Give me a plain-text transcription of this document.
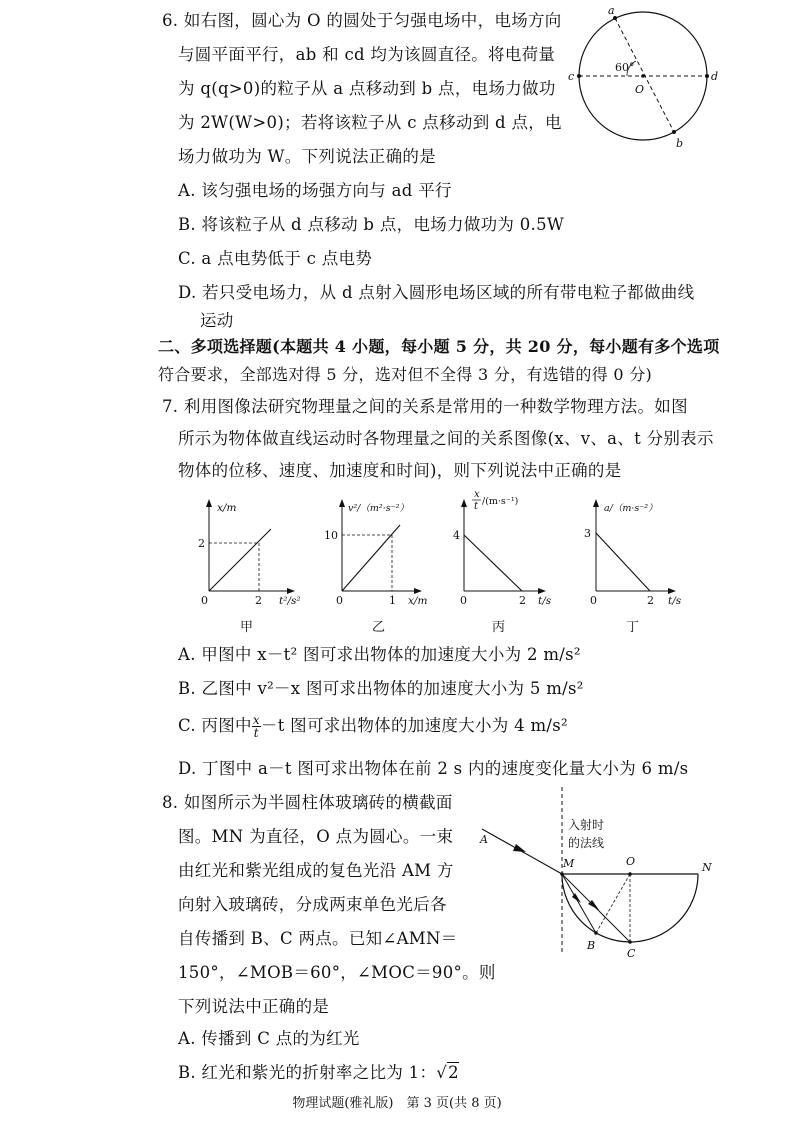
6. 如右图，圆心为 O 的圆处于匀强电场中，电场方向
与圆平面平行，ab 和 cd 均为该圆直径。将电荷量
为 q(q>0)的粒子从 a 点移动到 b 点，电场力做功
为 2W(W>0)；若将该粒子从 c 点移动到 d 点，电
场力做功为 W。下列说法正确的是
A. 该匀强电场的场强方向与 ad 平行
B. 将该粒子从 d 点移动 b 点，电场力做功为 0.5W
C. a 点电势低于 c 点电势
D. 若只受电场力，从 d 点射入圆形电场区域的所有带电粒子都做曲线
运动
a
b
c	d
O
60°
二、多项选择题(本题共 4 小题，每小题 5 分，共 20 分，每小题有多个选项
符合要求，全部选对得 5 分，选对但不全得 3 分，有选错的得 0 分)
7. 利用图像法研究物理量之间的关系是常用的一种数学物理方法。如图
所示为物体做直线运动时各物理量之间的关系图像(x、v、a、t 分别表示
物体的位移、速度、加速度和时间)，则下列说法中正确的是
x/m
2
2
0	t²/s²
甲
v²/（m²·s⁻²）
10
1
0	x/m
乙
x
t /(m·s⁻¹)
4
2
0	t/s
丙
a/（m·s⁻²）
3
2
0	t/s
丁
A. 甲图中 x－t² 图可求出物体的加速度大小为 2 m/s²
B. 乙图中 v²－x 图可求出物体的加速度大小为 5 m/s²
C. 丙图中 $\frac{x}{t} -t$ 图可求出物体的加速度大小为 4 m/s²
D. 丁图中 a－t 图可求出物体在前 2 s 内的速度变化量大小为 6 m/s
8. 如图所示为半圆柱体玻璃砖的横截面
图。MN 为直径，O 点为圆心。一束
由红光和紫光组成的复色光沿 AM 方
向射入玻璃砖，分成两束单色光后各
自传播到 B、C 两点。已知∠AMN＝
150°，∠MOB＝60°，∠MOC＝90°。则
下列说法中正确的是
A. 传播到 C 点的为红光
B. 红光和紫光的折射率之比为 1：√2
入射时
的法线
A
M	O	N
B
C
物理试题(雅礼版)　第 3 页(共 8 页)
